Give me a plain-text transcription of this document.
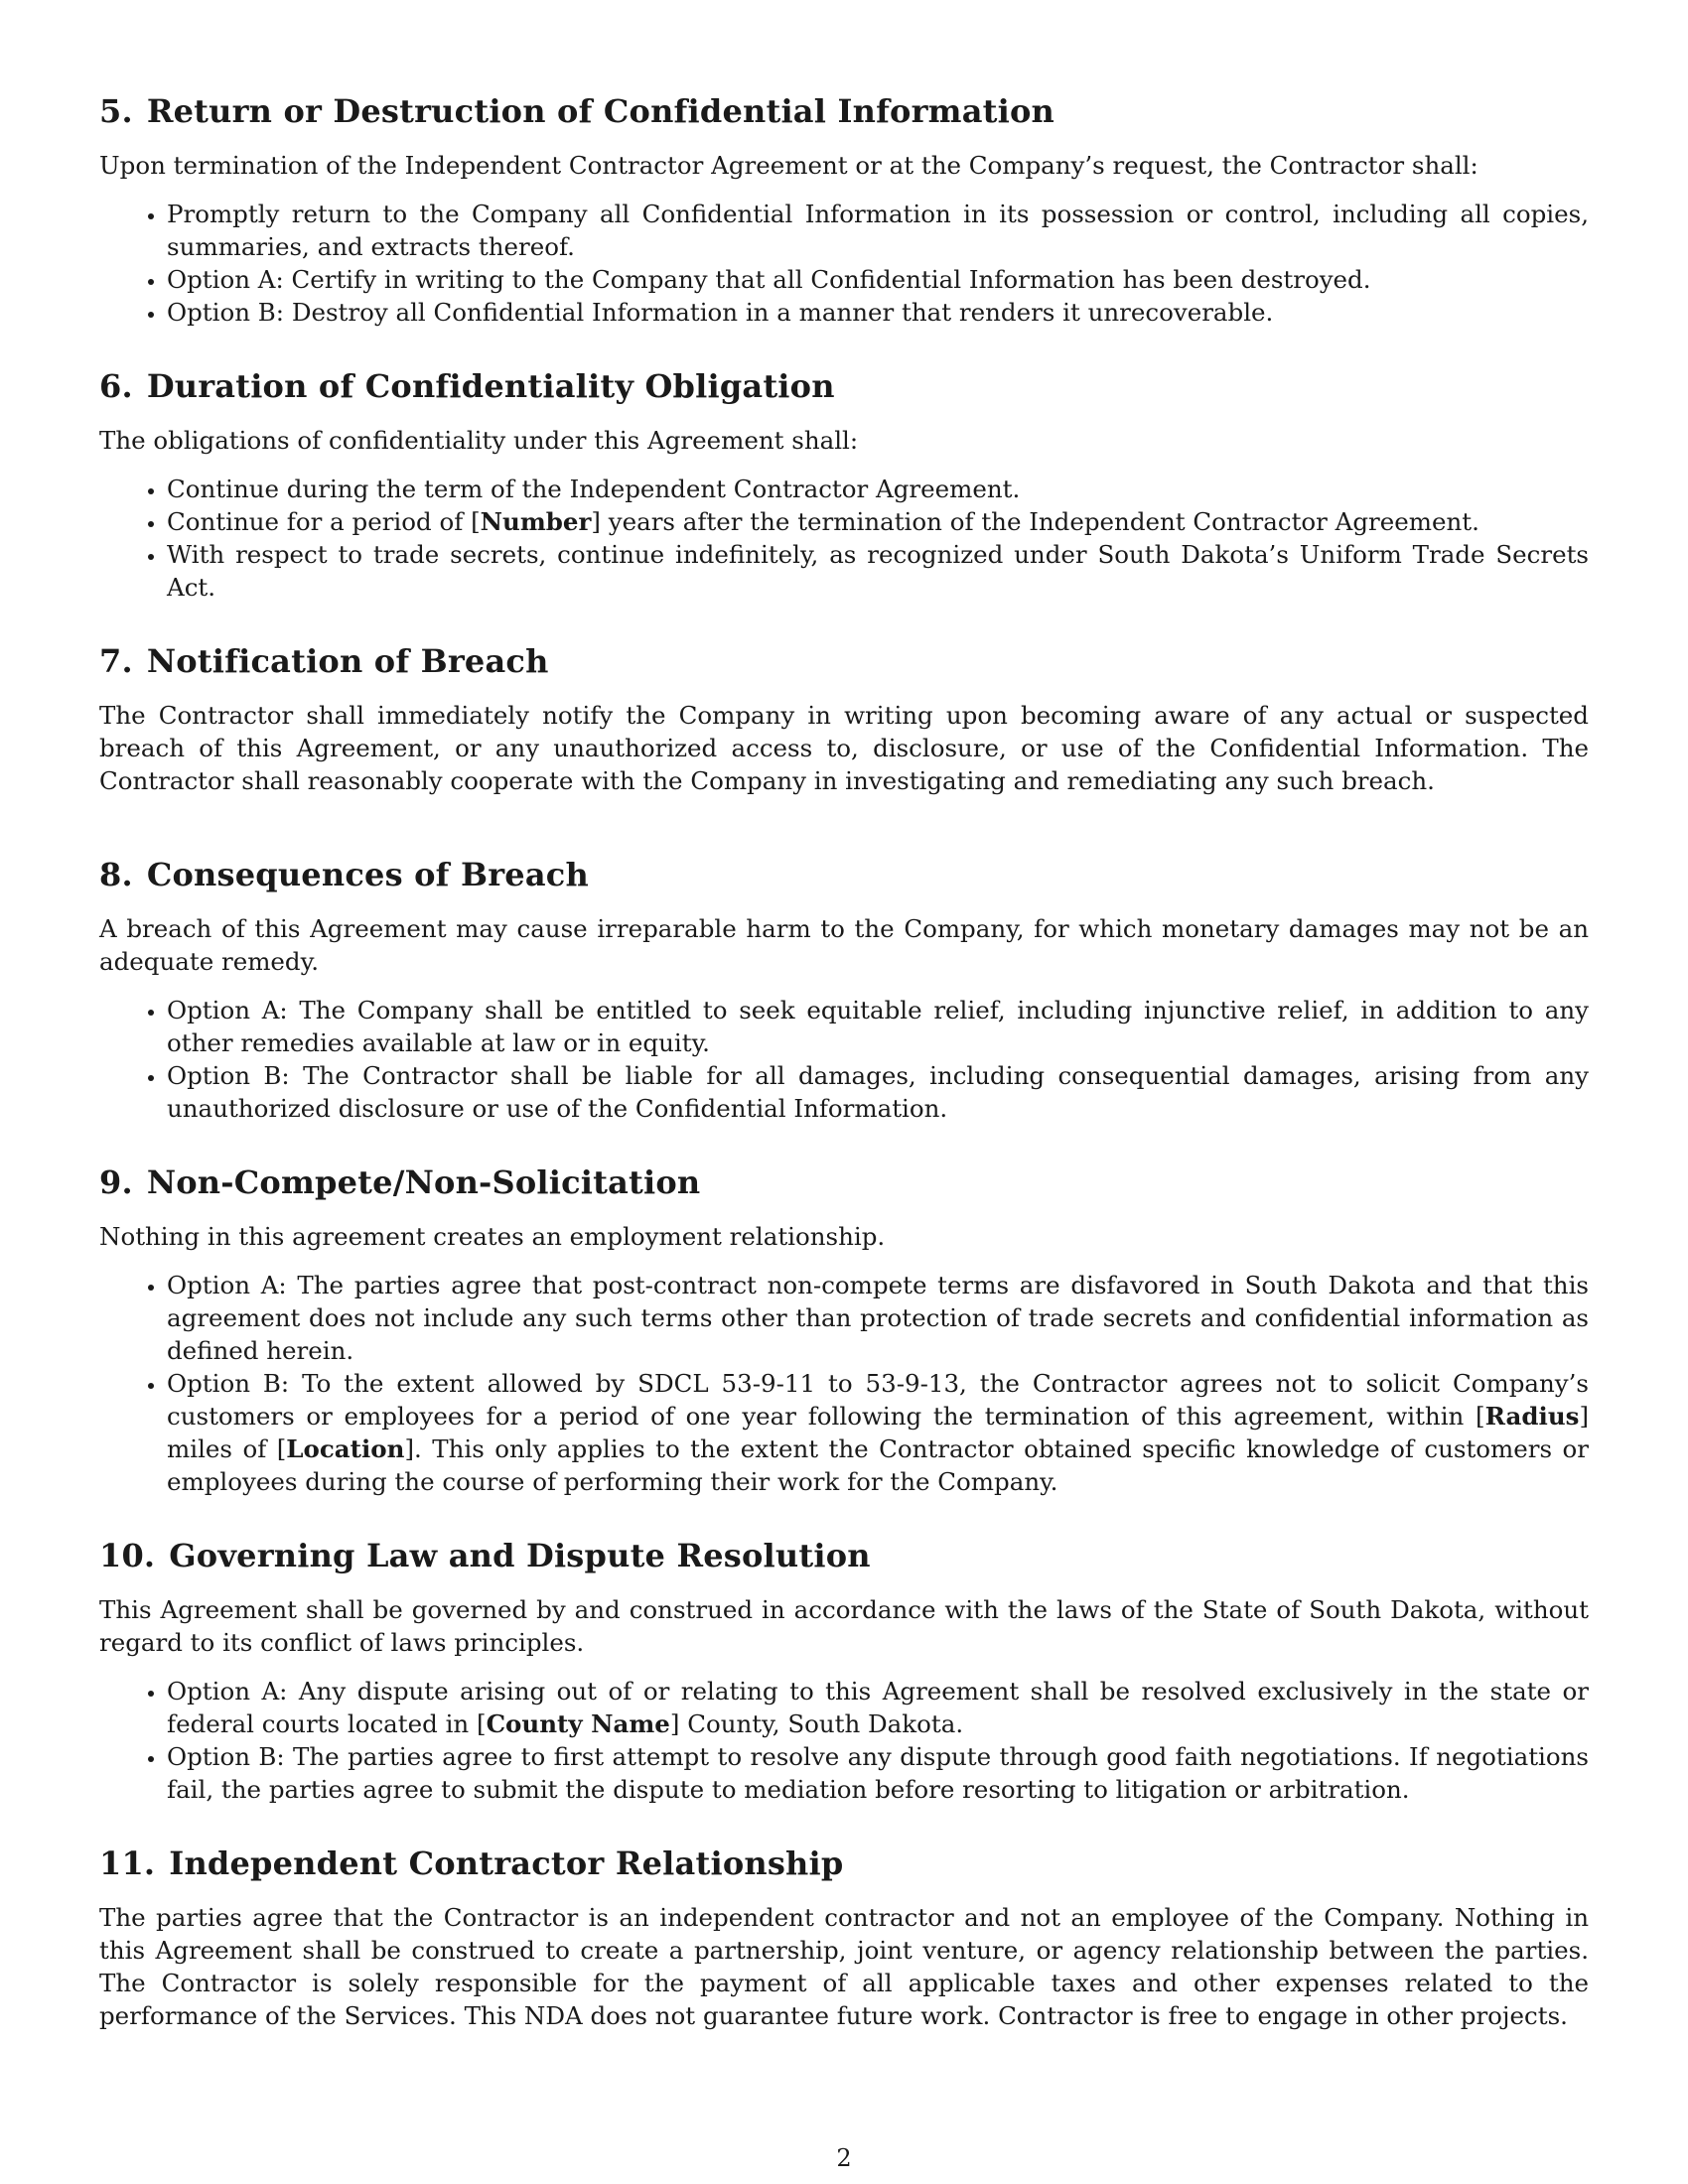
5. Return or Destruction of Confidential Information

Upon termination of the Independent Contractor Agreement or at the Company’s request, the Contractor shall:

• Promptly return to the Company all Confidential Information in its possession or control, including all copies, summaries, and extracts thereof.
• Option A: Certify in writing to the Company that all Confidential Information has been destroyed.
• Option B: Destroy all Confidential Information in a manner that renders it unrecoverable.
6. Duration of Confidentiality Obligation

The obligations of confidentiality under this Agreement shall:

• Continue during the term of the Independent Contractor Agreement.
• Continue for a period of [Number] years after the termination of the Independent Contractor Agreement.
• With respect to trade secrets, continue indefinitely, as recognized under South Dakota’s Uniform Trade Secrets Act.
7. Notification of Breach

The Contractor shall immediately notify the Company in writing upon becoming aware of any actual or suspected breach of this Agreement, or any unauthorized access to, disclosure, or use of the Confidential Information. The Contractor shall reasonably cooperate with the Company in investigating and remediating any such breach.

8. Consequences of Breach

A breach of this Agreement may cause irreparable harm to the Company, for which monetary damages may not be an adequate remedy.

• Option A: The Company shall be entitled to seek equitable relief, including injunctive relief, in addition to any other remedies available at law or in equity.
• Option B: The Contractor shall be liable for all damages, including consequential damages, arising from any unauthorized disclosure or use of the Confidential Information.
9. Non-Compete/Non-Solicitation

Nothing in this agreement creates an employment relationship.

• Option A: The parties agree that post-contract non-compete terms are disfavored in South Dakota and that this agreement does not include any such terms other than protection of trade secrets and confidential information as defined herein.
• Option B: To the extent allowed by SDCL 53-9-11 to 53-9-13, the Contractor agrees not to solicit Company’s customers or employees for a period of one year following the termination of this agreement, within [Radius] miles of [Location]. This only applies to the extent the Contractor obtained specific knowledge of customers or employees during the course of performing their work for the Company.
10. Governing Law and Dispute Resolution

This Agreement shall be governed by and construed in accordance with the laws of the State of South Dakota, without regard to its conflict of laws principles.

• Option A: Any dispute arising out of or relating to this Agreement shall be resolved exclusively in the state or federal courts located in [County Name] County, South Dakota.
• Option B: The parties agree to first attempt to resolve any dispute through good faith negotiations. If negotiations fail, the parties agree to submit the dispute to mediation before resorting to litigation or arbitration.
11. Independent Contractor Relationship

The parties agree that the Contractor is an independent contractor and not an employee of the Company. Nothing in this Agreement shall be construed to create a partnership, joint venture, or agency relationship between the parties. The Contractor is solely responsible for the payment of all applicable taxes and other expenses related to the performance of the Services. This NDA does not guarantee future work. Contractor is free to engage in other projects.

2
